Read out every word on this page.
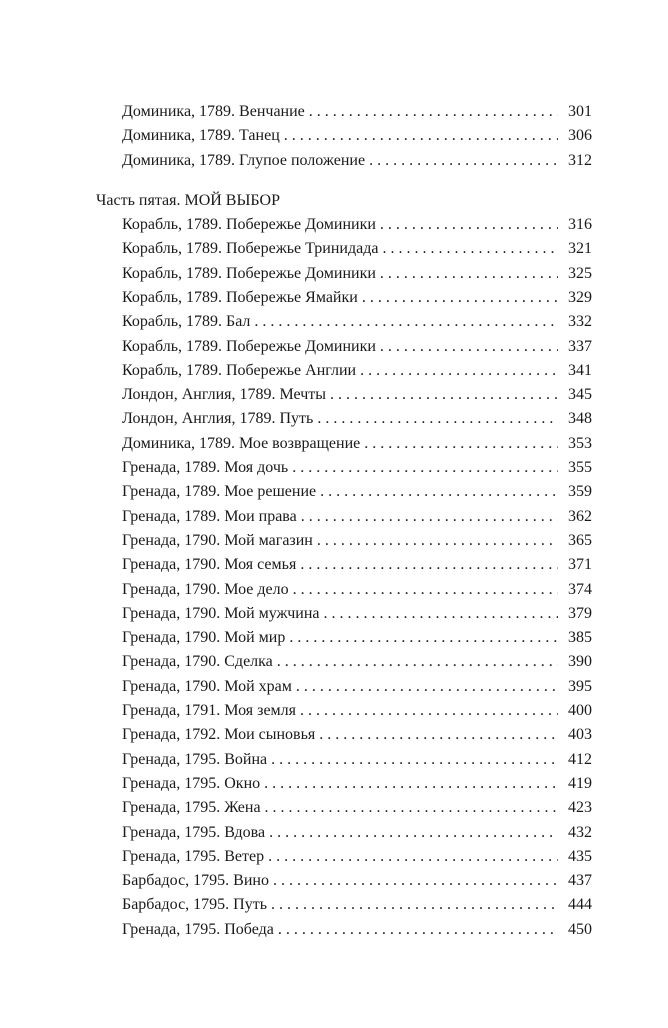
Доминика, 1789. Венчание . . .	301
Доминика, 1789. Танец . . .	306
Доминика, 1789. Глупое положение . . .	312
Часть пятая. МОЙ ВЫБОР
Корабль, 1789. Побережье Доминики . . .	316
Корабль, 1789. Побережье Тринидада . . .	321
Корабль, 1789. Побережье Доминики . . .	325
Корабль, 1789. Побережье Ямайки . . .	329
Корабль, 1789. Бал . . .	332
Корабль, 1789. Побережье Доминики . . .	337
Корабль, 1789. Побережье Англии . . .	341
Лондон, Англия, 1789. Мечты . . .	345
Лондон, Англия, 1789. Путь . . .	348
Доминика, 1789. Мое возвращение . . .	353
Гренада, 1789. Моя дочь . . .	355
Гренада, 1789. Мое решение . . .	359
Гренада, 1789. Мои права . . .	362
Гренада, 1790. Мой магазин . . .	365
Гренада, 1790. Моя семья . . .	371
Гренада, 1790. Мое дело . . .	374
Гренада, 1790. Мой мужчина . . .	379
Гренада, 1790. Мой мир . . .	385
Гренада, 1790. Сделка . . .	390
Гренада, 1790. Мой храм . . .	395
Гренада, 1791. Моя земля . . .	400
Гренада, 1792. Мои сыновья . . .	403
Гренада, 1795. Война . . .	412
Гренада, 1795. Окно . . .	419
Гренада, 1795. Жена . . .	423
Гренада, 1795. Вдова . . .	432
Гренада, 1795. Ветер . . .	435
Барбадос, 1795. Вино . . .	437
Барбадос, 1795. Путь . . .	444
Гренада, 1795. Победа . . .	450
